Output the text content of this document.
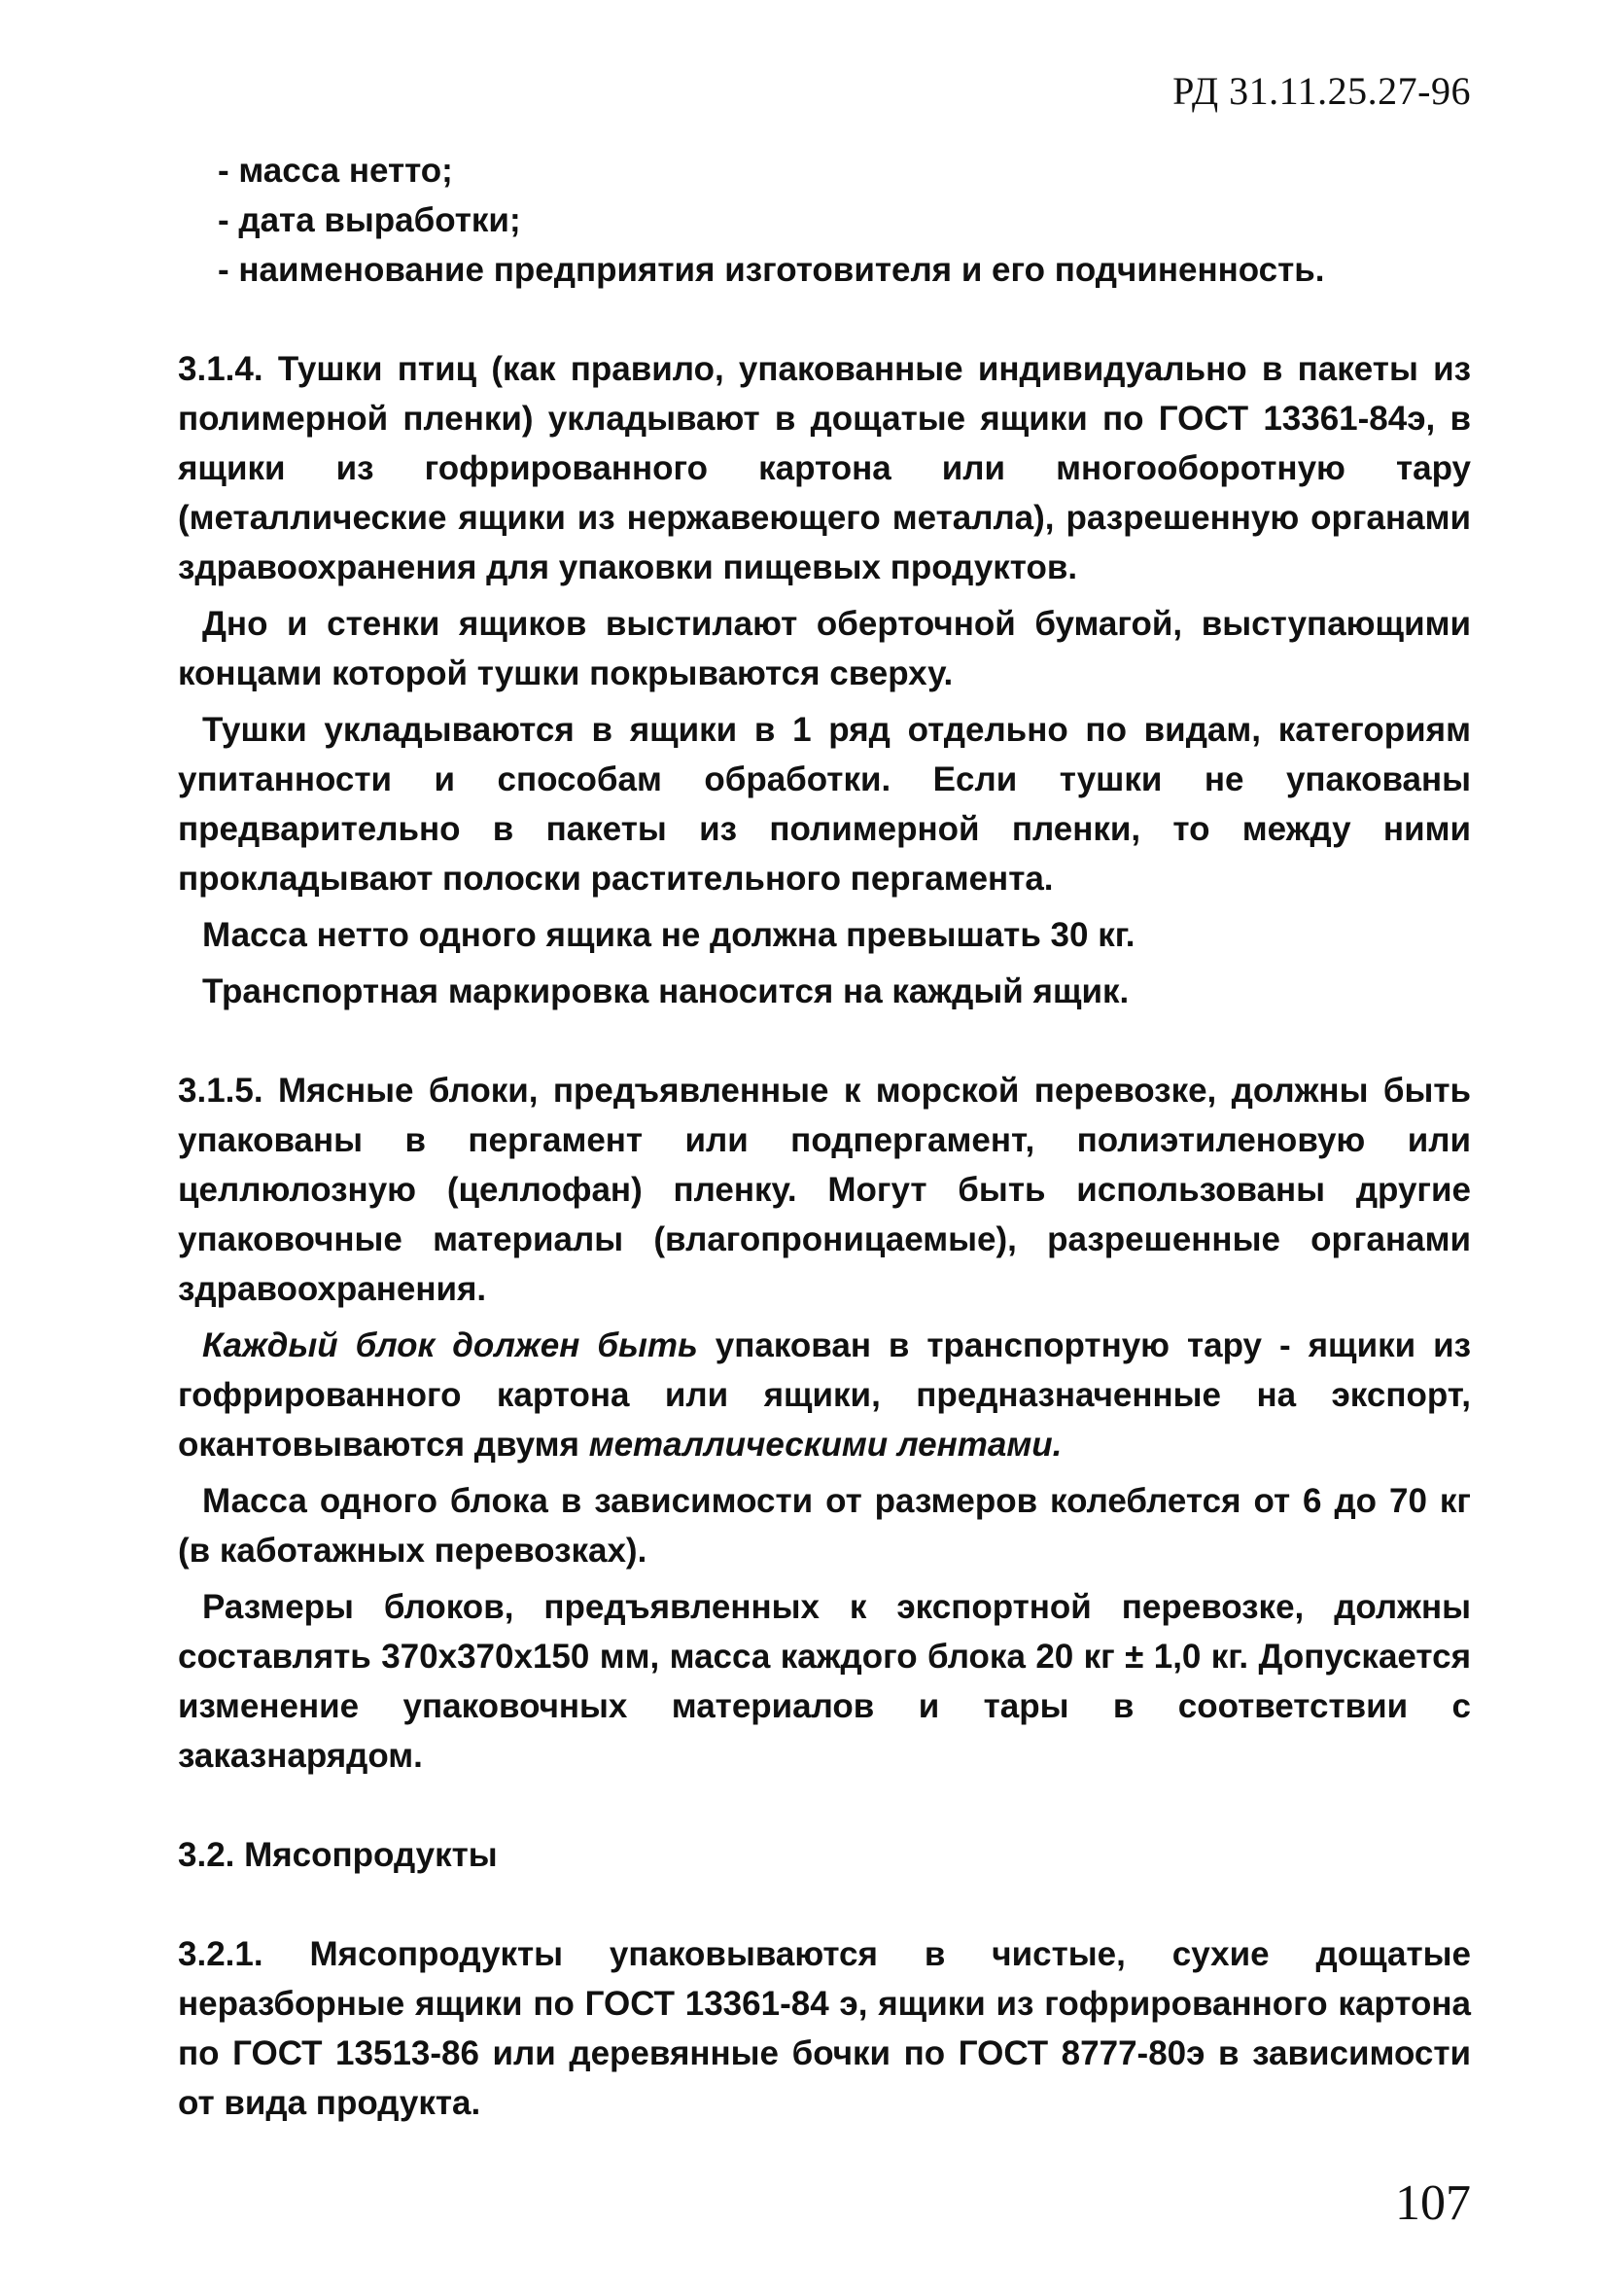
РД 31.11.25.27-96

- масса нетто;

- дата выработки;

- наименование предприятия изготовителя и его подчиненность.

3.1.4. Тушки птиц (как правило, упакованные индивидуально в пакеты из полимерной пленки) укладывают в дощатые ящики по ГОСТ 13361-84э, в ящики из гофрированного картона или многооборотную тару (металлические ящики из нержавеющего металла), разрешенную органами здравоохранения для упаковки пищевых продуктов.

Дно и стенки ящиков выстилают оберточной бумагой, выступающими концами которой тушки покрываются сверху.

Тушки укладываются в ящики в 1 ряд отдельно по видам, категориям упитанности и способам обработки. Если тушки не упакованы предварительно в пакеты из полимерной пленки, то между ними прокладывают полоски растительного пергамента.

Масса нетто одного ящика не должна превышать 30 кг.

Транспортная маркировка наносится на каждый ящик.

3.1.5. Мясные блоки, предъявленные к морской перевозке, должны быть упакованы в пергамент или подпергамент, полиэтиленовую или целлюлозную (целлофан) пленку. Могут быть использованы другие упаковочные материалы (влагопроницаемые), разрешенные органами здравоохранения.

Каждый блок должен быть упакован в транспортную тару - ящики из гофрированного картона или ящики, предназначенные на экспорт, окантовываются двумя металлическими лентами.

Масса одного блока в зависимости от размеров колеблется от 6 до 70 кг (в каботажных перевозках).

Размеры блоков, предъявленных к экспортной перевозке, должны составлять 370х370х150 мм, масса каждого блока 20 кг ± 1,0 кг. Допускается изменение упаковочных материалов и тары в соответствии с заказнарядом.

3.2. Мясопродукты

3.2.1. Мясопродукты упаковываются в чистые, сухие дощатые неразборные ящики по ГОСТ 13361-84 э, ящики из гофрированного картона по ГОСТ 13513-86 или деревянные бочки по ГОСТ 8777-80э в зависимости от вида продукта.

107
